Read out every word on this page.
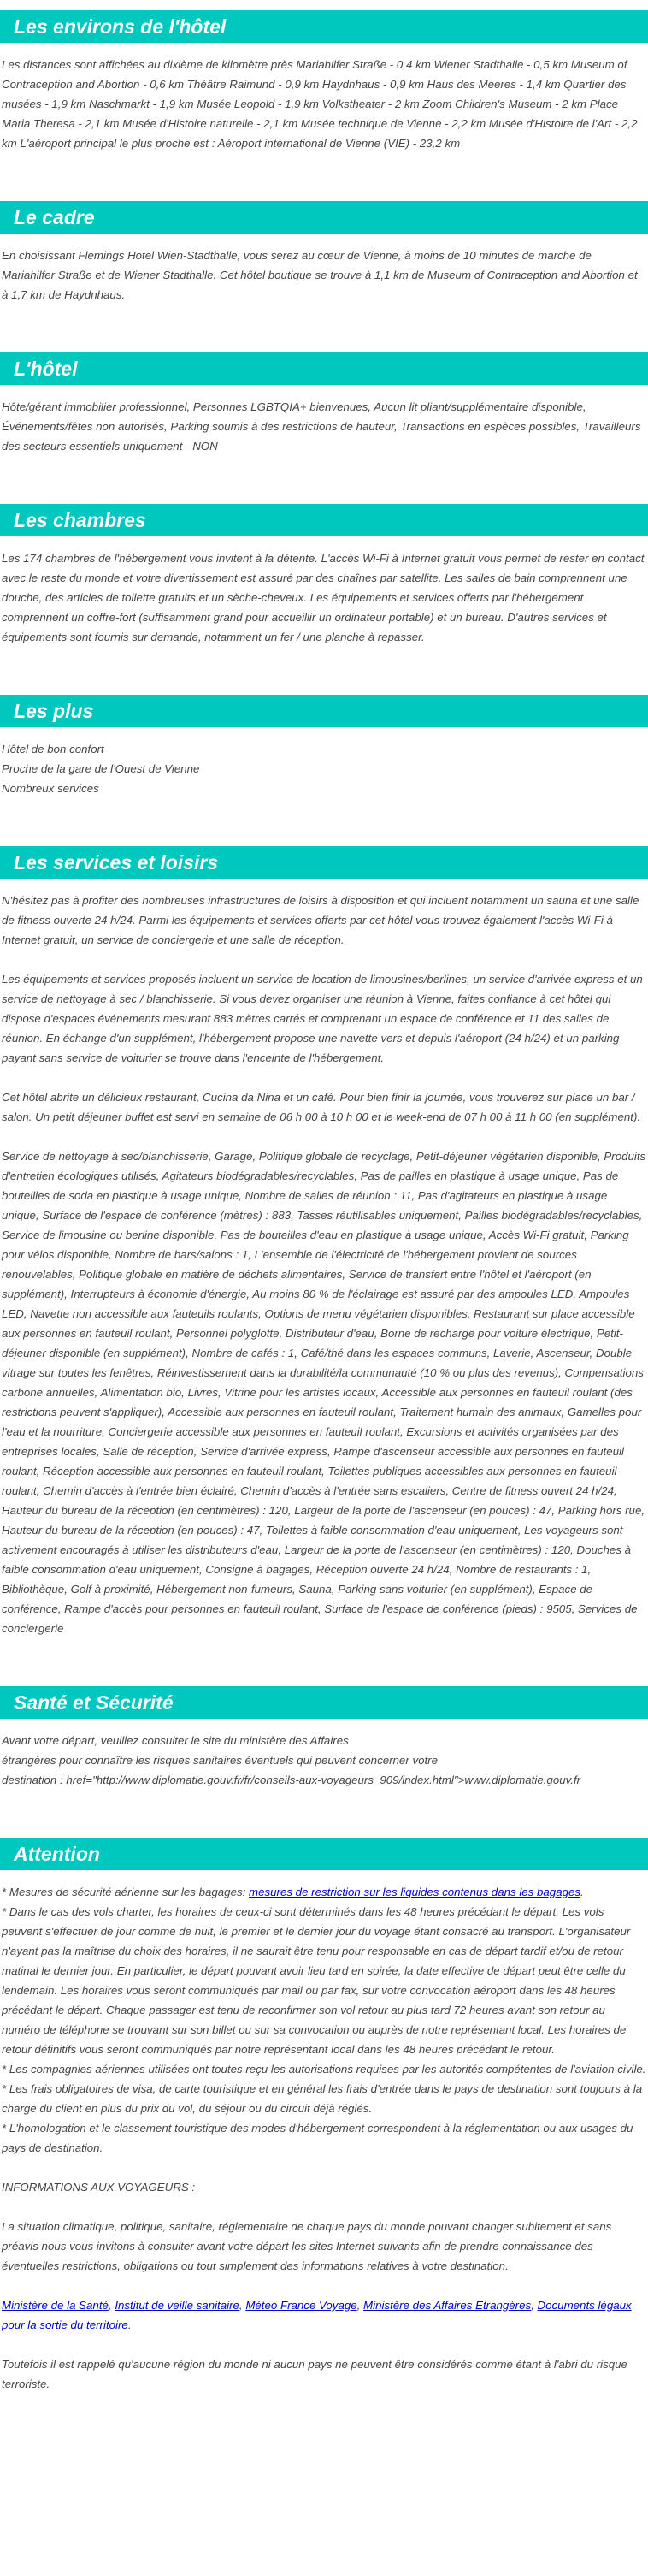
Les environs de l'hôtel

Les distances sont affichées au dixième de kilomètre près Mariahilfer Straße - 0,4 km Wiener Stadthalle - 0,5 km Museum of Contraception and Abortion - 0,6 km Théâtre Raimund - 0,9 km Haydnhaus - 0,9 km Haus des Meeres - 1,4 km Quartier des musées - 1,9 km Naschmarkt - 1,9 km Musée Leopold - 1,9 km Volkstheater - 2 km Zoom Children's Museum - 2 km Place Maria Theresa - 2,1 km Musée d'Histoire naturelle - 2,1 km Musée technique de Vienne - 2,2 km Musée d'Histoire de l'Art - 2,2 km L'aéroport principal le plus proche est : Aéroport international de Vienne (VIE) - 23,2 km

Le cadre

En choisissant Flemings Hotel Wien-Stadthalle, vous serez au cœur de Vienne, à moins de 10 minutes de marche de Mariahilfer Straße et de Wiener Stadthalle. Cet hôtel boutique se trouve à 1,1 km de Museum of Contraception and Abortion et à 1,7 km de Haydnhaus.

L'hôtel

Hôte/gérant immobilier professionnel, Personnes LGBTQIA+ bienvenues, Aucun lit pliant/supplémentaire disponible, Événements/fêtes non autorisés, Parking soumis à des restrictions de hauteur, Transactions en espèces possibles, Travailleurs des secteurs essentiels uniquement - NON

Les chambres

Les 174 chambres de l'hébergement vous invitent à la détente. L'accès Wi-Fi à Internet gratuit vous permet de rester en contact avec le reste du monde et votre divertissement est assuré par des chaînes par satellite. Les salles de bain comprennent une douche, des articles de toilette gratuits et un sèche-cheveux. Les équipements et services offerts par l'hébergement comprennent un coffre-fort (suffisamment grand pour accueillir un ordinateur portable) et un bureau. D'autres services et équipements sont fournis sur demande, notamment un fer / une planche à repasser.

Les plus
Hôtel de bon confort
Proche de la gare de l'Ouest de Vienne
Nombreux services
Les services et loisirs

N'hésitez pas à profiter des nombreuses infrastructures de loisirs à disposition et qui incluent notamment un sauna et une salle de fitness ouverte 24 h/24. Parmi les équipements et services offerts par cet hôtel vous trouvez également l'accès Wi-Fi à Internet gratuit, un service de conciergerie et une salle de réception.

Les équipements et services proposés incluent un service de location de limousines/berlines, un service d'arrivée express et un service de nettoyage à sec / blanchisserie. Si vous devez organiser une réunion à Vienne, faites confiance à cet hôtel qui dispose d'espaces événements mesurant 883 mètres carrés et comprenant un espace de conférence et 11 des salles de réunion. En échange d'un supplément, l'hébergement propose une navette vers et depuis l'aéroport (24 h/24) et un parking payant sans service de voiturier se trouve dans l'enceinte de l'hébergement.

Cet hôtel abrite un délicieux restaurant, Cucina da Nina et un café. Pour bien finir la journée, vous trouverez sur place un bar / salon. Un petit déjeuner buffet est servi en semaine de 06 h 00 à 10 h 00 et le week-end de 07 h 00 à 11 h 00 (en supplément).

Service de nettoyage à sec/blanchisserie, Garage, Politique globale de recyclage, Petit-déjeuner végétarien disponible, Produits d'entretien écologiques utilisés, Agitateurs biodégradables/recyclables, Pas de pailles en plastique à usage unique, Pas de bouteilles de soda en plastique à usage unique, Nombre de salles de réunion : 11, Pas d'agitateurs en plastique à usage unique, Surface de l'espace de conférence (mètres) : 883, Tasses réutilisables uniquement, Pailles biodégradables/recyclables, Service de limousine ou berline disponible, Pas de bouteilles d'eau en plastique à usage unique, Accès Wi-Fi gratuit, Parking pour vélos disponible, Nombre de bars/salons : 1, L'ensemble de l'électricité de l'hébergement provient de sources renouvelables, Politique globale en matière de déchets alimentaires, Service de transfert entre l'hôtel et l'aéroport (en supplément), Interrupteurs à économie d'énergie, Au moins 80 % de l'éclairage est assuré par des ampoules LED, Ampoules LED, Navette non accessible aux fauteuils roulants, Options de menu végétarien disponibles, Restaurant sur place accessible aux personnes en fauteuil roulant, Personnel polyglotte, Distributeur d'eau, Borne de recharge pour voiture électrique, Petit-déjeuner disponible (en supplément), Nombre de cafés : 1, Café/thé dans les espaces communs, Laverie, Ascenseur, Double vitrage sur toutes les fenêtres, Réinvestissement dans la durabilité/la communauté (10 % ou plus des revenus), Compensations carbone annuelles, Alimentation bio, Livres, Vitrine pour les artistes locaux, Accessible aux personnes en fauteuil roulant (des restrictions peuvent s'appliquer), Accessible aux personnes en fauteuil roulant, Traitement humain des animaux, Gamelles pour l'eau et la nourriture, Conciergerie accessible aux personnes en fauteuil roulant, Excursions et activités organisées par des entreprises locales, Salle de réception, Service d'arrivée express, Rampe d'ascenseur accessible aux personnes en fauteuil roulant, Réception accessible aux personnes en fauteuil roulant, Toilettes publiques accessibles aux personnes en fauteuil roulant, Chemin d'accès à l'entrée bien éclairé, Chemin d'accès à l'entrée sans escaliers, Centre de fitness ouvert 24 h/24, Hauteur du bureau de la réception (en centimètres) : 120, Largeur de la porte de l'ascenseur (en pouces) : 47, Parking hors rue, Hauteur du bureau de la réception (en pouces) : 47, Toilettes à faible consommation d'eau uniquement, Les voyageurs sont activement encouragés à utiliser les distributeurs d'eau, Largeur de la porte de l'ascenseur (en centimètres) : 120, Douches à faible consommation d'eau uniquement, Consigne à bagages, Réception ouverte 24 h/24, Nombre de restaurants : 1, Bibliothèque, Golf à proximité, Hébergement non-fumeurs, Sauna, Parking sans voiturier (en supplément), Espace de conférence, Rampe d'accès pour personnes en fauteuil roulant, Surface de l'espace de conférence (pieds) : 9505, Services de conciergerie

Santé et Sécurité
Avant votre départ, veuillez consulter le site du ministère des Affaires
étrangères pour connaître les risques sanitaires éventuels qui peuvent concerner votre
destination : href="http://www.diplomatie.gouv.fr/fr/conseils-aux-voyageurs_909/index.html">www.diplomatie.gouv.fr
Attention
* Mesures de sécurité aérienne sur les bagages: mesures de restriction sur les liquides contenus dans les bagages.
* Dans le cas des vols charter, les horaires de ceux-ci sont déterminés dans les 48 heures précédant le départ. Les vols peuvent s'effectuer de jour comme de nuit, le premier et le dernier jour du voyage étant consacré au transport. L'organisateur n'ayant pas la maîtrise du choix des horaires, il ne saurait être tenu pour responsable en cas de départ tardif et/ou de retour matinal le dernier jour. En particulier, le départ pouvant avoir lieu tard en soirée, la date effective de départ peut être celle du lendemain. Les horaires vous seront communiqués par mail ou par fax, sur votre convocation aéroport dans les 48 heures précédant le départ. Chaque passager est tenu de reconfirmer son vol retour au plus tard 72 heures avant son retour au numéro de téléphone se trouvant sur son billet ou sur sa convocation ou auprès de notre représentant local. Les horaires de retour définitifs vous seront communiqués par notre représentant local dans les 48 heures précédant le retour.
* Les compagnies aériennes utilisées ont toutes reçu les autorisations requises par les autorités compétentes de l'aviation civile.
* Les frais obligatoires de visa, de carte touristique et en général les frais d'entrée dans le pays de destination sont toujours à la charge du client en plus du prix du vol, du séjour ou du circuit déjà réglés.
* L'homologation et le classement touristique des modes d'hébergement correspondent à la réglementation ou aux usages du pays de destination.

INFORMATIONS AUX VOYAGEURS :

La situation climatique, politique, sanitaire, réglementaire de chaque pays du monde pouvant changer subitement et sans préavis nous vous invitons à consulter avant votre départ les sites Internet suivants afin de prendre connaissance des éventuelles restrictions, obligations ou tout simplement des informations relatives à votre destination.

Ministère de la Santé, Institut de veille sanitaire, Méteo France Voyage, Ministère des Affaires Etrangères, Documents légaux pour la sortie du territoire.

Toutefois il est rappelé qu'aucune région du monde ni aucun pays ne peuvent être considérés comme étant à l'abri du risque terroriste.
